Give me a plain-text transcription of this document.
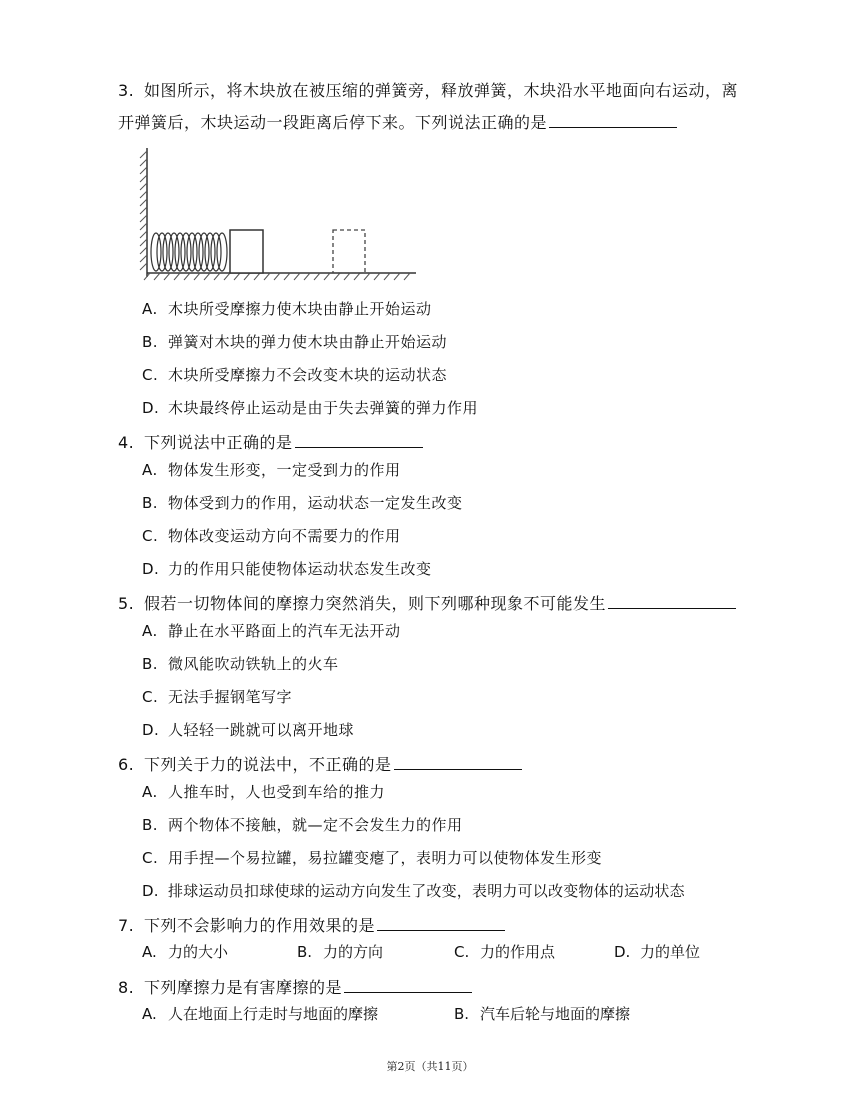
3. 如图所示，将木块放在被压缩的弹簧旁，释放弹簧，木块沿水平地面向右运动，离
开弹簧后，木块运动一段距离后停下来。下列说法正确的是
A. 木块所受摩擦力使木块由静止开始运动
B. 弹簧对木块的弹力使木块由静止开始运动
C. 木块所受摩擦力不会改变木块的运动状态
D. 木块最终停止运动是由于失去弹簧的弹力作用
4. 下列说法中正确的是
A. 物体发生形变，一定受到力的作用
B. 物体受到力的作用，运动状态一定发生改变
C. 物体改变运动方向不需要力的作用
D. 力的作用只能使物体运动状态发生改变
5. 假若一切物体间的摩擦力突然消失，则下列哪种现象不可能发生
A. 静止在水平路面上的汽车无法开动
B. 微风能吹动铁轨上的火车
C. 无法手握钢笔写字
D. 人轻轻一跳就可以离开地球
6. 下列关于力的说法中，不正确的是
A. 人推车时，人也受到车给的推力
B. 两个物体不接触，就—定不会发生力的作用
C. 用手捏—个易拉罐，易拉罐变瘪了，表明力可以使物体发生形变
D. 排球运动员扣球使球的运动方向发生了改变，表明力可以改变物体的运动状态
7. 下列不会影响力的作用效果的是
A. 力的大小	B. 力的方向	C. 力的作用点	D. 力的单位
8. 下列摩擦力是有害摩擦的是
A. 人在地面上行走时与地面的摩擦	B. 汽车后轮与地面的摩擦
第2页（共11页）
